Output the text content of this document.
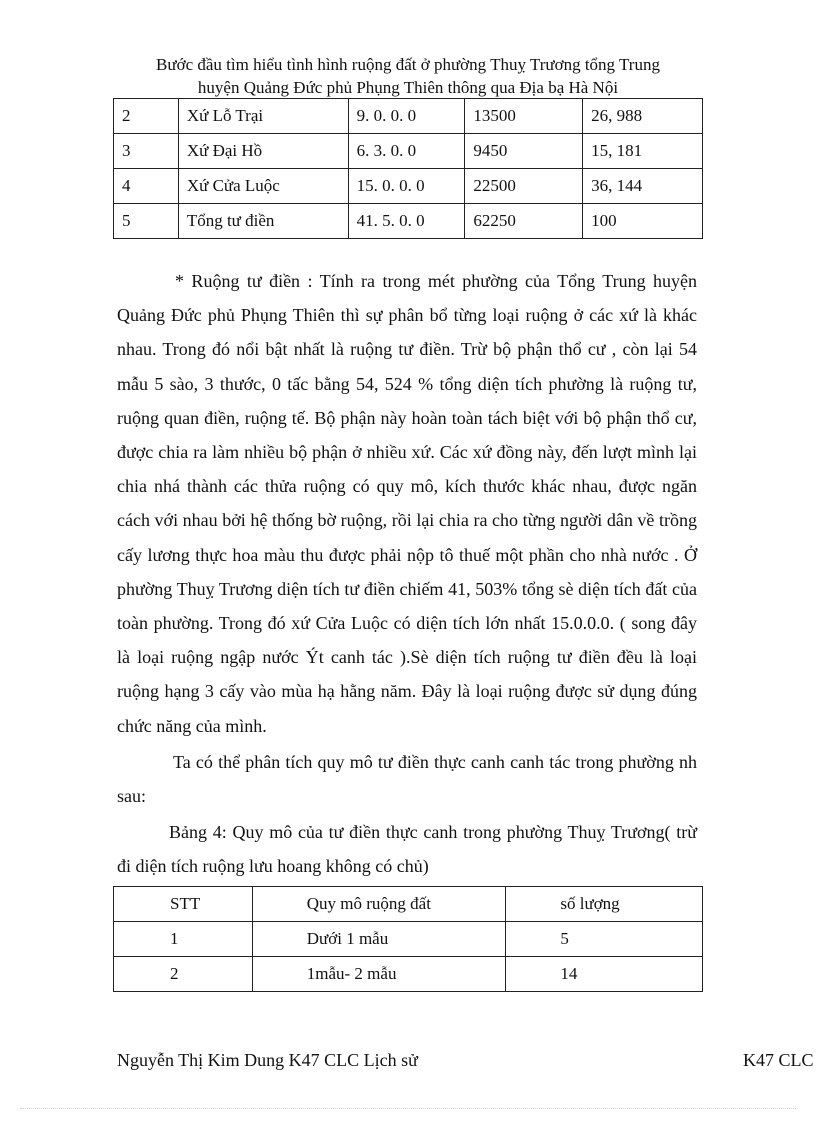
Bước đầu tìm hiểu tình hình ruộng đất ở phường Thuỵ Trương tổng Trung
huyện Quảng Đức phủ Phụng Thiên thông qua Địa bạ Hà Nội
2	Xứ Lỗ Trại	9. 0. 0. 0	13500	26, 988
3	Xứ Đại Hồ	6. 3. 0. 0	9450	15, 181
4	Xứ Cửa Luộc	15. 0. 0. 0	22500	36, 144
5	Tổng tư điền	41. 5. 0. 0	62250	100

* Ruộng tư điền : Tính ra trong mét phường của Tổng Trung huyện Quảng Đức phủ Phụng Thiên thì sự phân bổ từng loại ruộng ở các xứ là khác nhau. Trong đó nổi bật nhất là ruộng tư điền. Trừ bộ phận thổ cư , còn lại 54 mẫu 5 sào, 3 thước, 0 tấc bằng 54, 524 % tổng diện tích phường là ruộng tư, ruộng quan điền, ruộng tế. Bộ phận này hoàn toàn tách biệt với bộ phận thổ cư, được chia ra làm nhiều bộ phận ở nhiều xứ. Các xứ đồng này, đến lượt mình lại chia nhá thành các thửa ruộng có quy mô, kích thước khác nhau, được ngăn cách với nhau bởi hệ thống bờ ruộng, rồi lại chia ra cho từng người dân về trồng cấy lương thực hoa màu thu được phải nộp tô thuế một phần cho nhà nước . Ở phường Thuỵ Trương diện tích tư điền chiếm 41, 503% tổng sè diện tích đất của toàn phường. Trong đó xứ Cửa Luộc có diện tích lớn nhất 15.0.0.0. ( song đây là loại ruộng ngập nước Ýt canh tác ).Sè diện tích ruộng tư điền đều là loại ruộng hạng 3 cấy vào mùa hạ hằng năm. Đây là loại ruộng được sử dụng đúng chức năng của mình.

Ta có thể phân tích quy mô tư điền thực canh canh tác trong phường nh sau:

Bảng 4: Quy mô của tư điền thực canh trong phường Thuỵ Trương( trừ đi diện tích ruộng lưu hoang không có chủ)

STT	Quy mô ruộng đất	số lượng
1	Dưới 1 mẫu	5
2	1mẫu- 2 mẫu	14
Nguyễn Thị Kim Dung K47 CLC Lịch sử	K47 CLC
